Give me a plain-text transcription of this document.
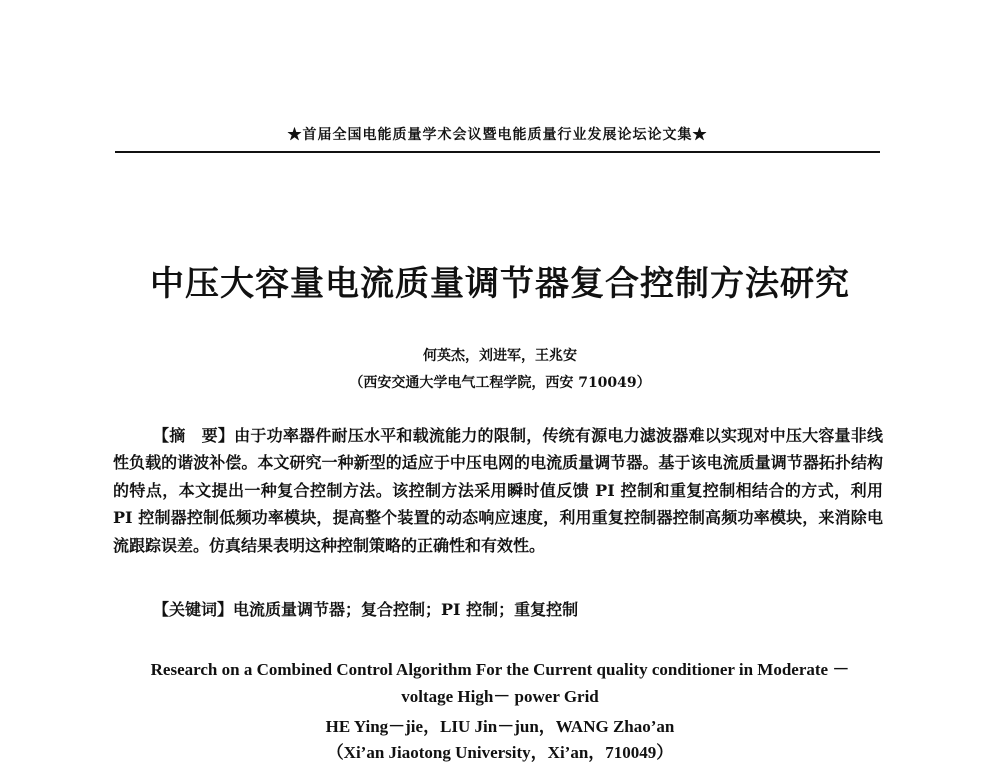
★首届全国电能质量学术会议暨电能质量行业发展论坛论文集★
中压大容量电流质量调节器复合控制方法研究
何英杰，刘进军，王兆安
（西安交通大学电气工程学院，西安 710049）

【摘　要】由于功率器件耐压水平和载流能力的限制，传统有源电力滤波器难以实现对中压大容量非线性负载的谐波补偿。本文研究一种新型的适应于中压电网的电流质量调节器。基于该电流质量调节器拓扑结构的特点，本文提出一种复合控制方法。该控制方法采用瞬时值反馈 PI 控制和重复控制相结合的方式，利用 PI 控制器控制低频功率模块，提高整个装置的动态响应速度，利用重复控制器控制高频功率模块，来消除电流跟踪误差。仿真结果表明这种控制策略的正确性和有效性。

【关键词】电流质量调节器；复合控制；PI 控制；重复控制

Research on a Combined Control Algorithm For the Current quality conditioner in Moderate －
voltage High－ power Grid
HE Ying－jie，LIU Jin－jun，WANG Zhao’an
（Xi’an Jiaotong University，Xi’an，710049）
